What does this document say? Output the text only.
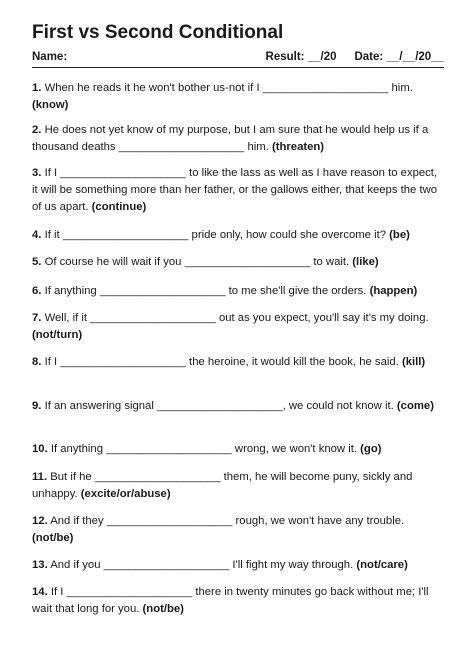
First vs Second Conditional
Name:	Result: __/20 Date: __/__/20__

1. When he reads it he won't bother us-not if I ____________________ him. (know)

2. He does not yet know of my purpose, but I am sure that he would help us if a thousand deaths ____________________ him. (threaten)

3. If I ____________________ to like the lass as well as I have reason to expect, it will be something more than her father, or the gallows either, that keeps the two of us apart. (continue)

4. If it ____________________ pride only, how could she overcome it? (be)

5. Of course he will wait if you ____________________ to wait. (like)

6. If anything ____________________ to me she'll give the orders. (happen)

7. Well, if it ____________________ out as you expect, you'll say it's my doing. (not/turn)

8. If I ____________________ the heroine, it would kill the book, he said. (kill)

9. If an answering signal ____________________, we could not know it. (come)

10. If anything ____________________ wrong, we won't know it. (go)

11. But if he ____________________ them, he will become puny, sickly and unhappy. (excite/or/abuse)

12. And if they ____________________ rough, we won't have any trouble. (not/be)

13. And if you ____________________ I'll fight my way through. (not/care)

14. If I ____________________ there in twenty minutes go back without me; I'll wait that long for you. (not/be)
